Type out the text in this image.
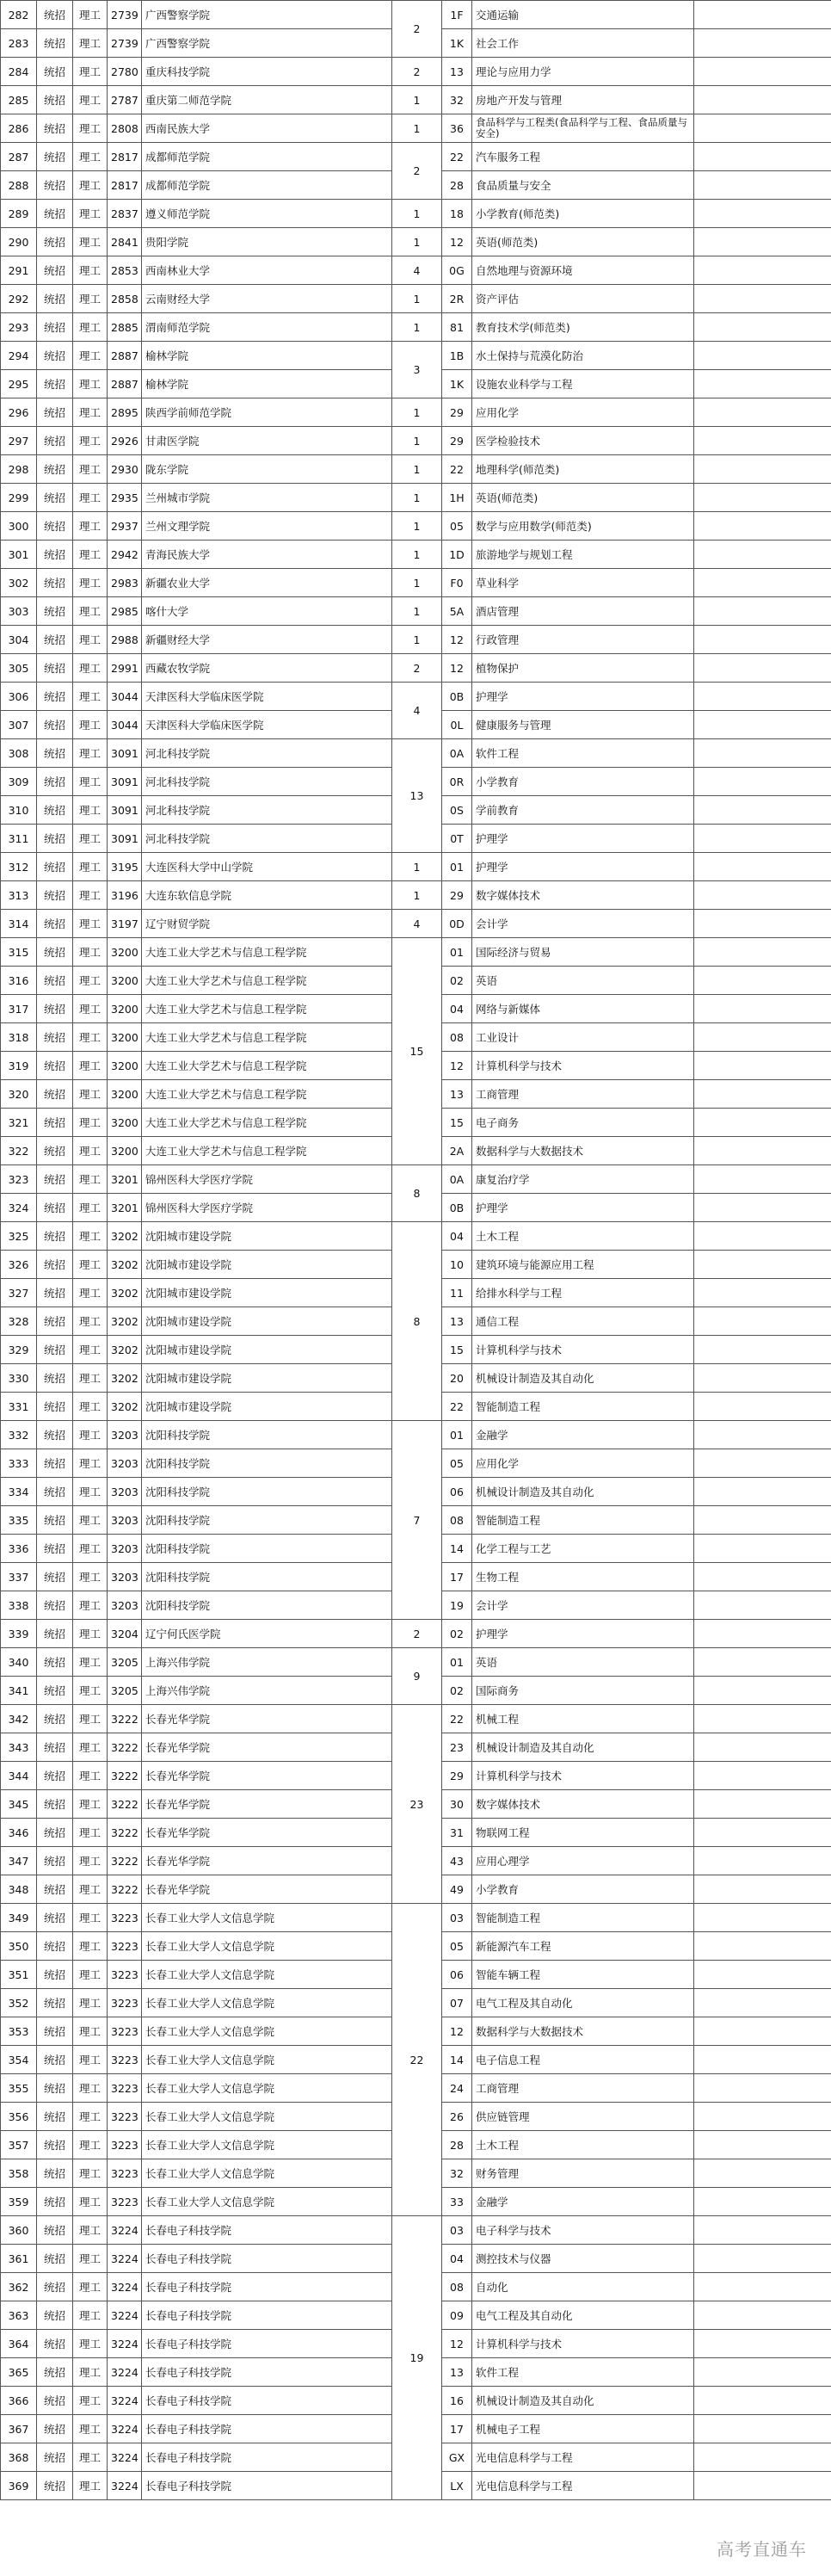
282	统招	理工	2739	广西警察学院	2	1F	交通运输	
283	统招	理工	2739	广西警察学院		1K	社会工作	
284	统招	理工	2780	重庆科技学院	2	13	理论与应用力学	
285	统招	理工	2787	重庆第二师范学院	1	32	房地产开发与管理	
286	统招	理工	2808	西南民族大学	1	36	食品科学与工程类(食品科学与工程、食品质量与安全)	
287	统招	理工	2817	成都师范学院	2	22	汽车服务工程	
288	统招	理工	2817	成都师范学院		28	食品质量与安全	
289	统招	理工	2837	遵义师范学院	1	18	小学教育(师范类)	
290	统招	理工	2841	贵阳学院	1	12	英语(师范类)	
291	统招	理工	2853	西南林业大学	4	0G	自然地理与资源环境	
292	统招	理工	2858	云南财经大学	1	2R	资产评估	
293	统招	理工	2885	渭南师范学院	1	81	教育技术学(师范类)	
294	统招	理工	2887	榆林学院	3	1B	水土保持与荒漠化防治	
295	统招	理工	2887	榆林学院		1K	设施农业科学与工程	
296	统招	理工	2895	陕西学前师范学院	1	29	应用化学	
297	统招	理工	2926	甘肃医学院	1	29	医学检验技术	
298	统招	理工	2930	陇东学院	1	22	地理科学(师范类)	
299	统招	理工	2935	兰州城市学院	1	1H	英语(师范类)	
300	统招	理工	2937	兰州文理学院	1	05	数学与应用数学(师范类)	
301	统招	理工	2942	青海民族大学	1	1D	旅游地学与规划工程	
302	统招	理工	2983	新疆农业大学	1	F0	草业科学	
303	统招	理工	2985	喀什大学	1	5A	酒店管理	
304	统招	理工	2988	新疆财经大学	1	12	行政管理	
305	统招	理工	2991	西藏农牧学院	2	12	植物保护	
306	统招	理工	3044	天津医科大学临床医学院	4	0B	护理学	
307	统招	理工	3044	天津医科大学临床医学院		0L	健康服务与管理	
308	统招	理工	3091	河北科技学院	13	0A	软件工程	
309	统招	理工	3091	河北科技学院		0R	小学教育	
310	统招	理工	3091	河北科技学院		0S	学前教育	
311	统招	理工	3091	河北科技学院		0T	护理学	
312	统招	理工	3195	大连医科大学中山学院	1	01	护理学	
313	统招	理工	3196	大连东软信息学院	1	29	数字媒体技术	
314	统招	理工	3197	辽宁财贸学院	4	0D	会计学	
315	统招	理工	3200	大连工业大学艺术与信息工程学院	15	01	国际经济与贸易	
316	统招	理工	3200	大连工业大学艺术与信息工程学院		02	英语	
317	统招	理工	3200	大连工业大学艺术与信息工程学院		04	网络与新媒体	
318	统招	理工	3200	大连工业大学艺术与信息工程学院		08	工业设计	
319	统招	理工	3200	大连工业大学艺术与信息工程学院		12	计算机科学与技术	
320	统招	理工	3200	大连工业大学艺术与信息工程学院		13	工商管理	
321	统招	理工	3200	大连工业大学艺术与信息工程学院		15	电子商务	
322	统招	理工	3200	大连工业大学艺术与信息工程学院		2A	数据科学与大数据技术	
323	统招	理工	3201	锦州医科大学医疗学院	8	0A	康复治疗学	
324	统招	理工	3201	锦州医科大学医疗学院		0B	护理学	
325	统招	理工	3202	沈阳城市建设学院	8	04	土木工程	
326	统招	理工	3202	沈阳城市建设学院		10	建筑环境与能源应用工程	
327	统招	理工	3202	沈阳城市建设学院		11	给排水科学与工程	
328	统招	理工	3202	沈阳城市建设学院		13	通信工程	
329	统招	理工	3202	沈阳城市建设学院		15	计算机科学与技术	
330	统招	理工	3202	沈阳城市建设学院		20	机械设计制造及其自动化	
331	统招	理工	3202	沈阳城市建设学院		22	智能制造工程	
332	统招	理工	3203	沈阳科技学院	7	01	金融学	
333	统招	理工	3203	沈阳科技学院		05	应用化学	
334	统招	理工	3203	沈阳科技学院		06	机械设计制造及其自动化	
335	统招	理工	3203	沈阳科技学院		08	智能制造工程	
336	统招	理工	3203	沈阳科技学院		14	化学工程与工艺	
337	统招	理工	3203	沈阳科技学院		17	生物工程	
338	统招	理工	3203	沈阳科技学院		19	会计学	
339	统招	理工	3204	辽宁何氏医学院	2	02	护理学	
340	统招	理工	3205	上海兴伟学院	9	01	英语	
341	统招	理工	3205	上海兴伟学院		02	国际商务	
342	统招	理工	3222	长春光华学院	23	22	机械工程	
343	统招	理工	3222	长春光华学院		23	机械设计制造及其自动化	
344	统招	理工	3222	长春光华学院		29	计算机科学与技术	
345	统招	理工	3222	长春光华学院		30	数字媒体技术	
346	统招	理工	3222	长春光华学院		31	物联网工程	
347	统招	理工	3222	长春光华学院		43	应用心理学	
348	统招	理工	3222	长春光华学院		49	小学教育	
349	统招	理工	3223	长春工业大学人文信息学院	22	03	智能制造工程	
350	统招	理工	3223	长春工业大学人文信息学院		05	新能源汽车工程	
351	统招	理工	3223	长春工业大学人文信息学院		06	智能车辆工程	
352	统招	理工	3223	长春工业大学人文信息学院		07	电气工程及其自动化	
353	统招	理工	3223	长春工业大学人文信息学院		12	数据科学与大数据技术	
354	统招	理工	3223	长春工业大学人文信息学院		14	电子信息工程	
355	统招	理工	3223	长春工业大学人文信息学院		24	工商管理	
356	统招	理工	3223	长春工业大学人文信息学院		26	供应链管理	
357	统招	理工	3223	长春工业大学人文信息学院		28	土木工程	
358	统招	理工	3223	长春工业大学人文信息学院		32	财务管理	
359	统招	理工	3223	长春工业大学人文信息学院		33	金融学	
360	统招	理工	3224	长春电子科技学院	19	03	电子科学与技术	
361	统招	理工	3224	长春电子科技学院		04	测控技术与仪器	
362	统招	理工	3224	长春电子科技学院		08	自动化	
363	统招	理工	3224	长春电子科技学院		09	电气工程及其自动化	
364	统招	理工	3224	长春电子科技学院		12	计算机科学与技术	
365	统招	理工	3224	长春电子科技学院		13	软件工程	
366	统招	理工	3224	长春电子科技学院		16	机械设计制造及其自动化	
367	统招	理工	3224	长春电子科技学院		17	机械电子工程	
368	统招	理工	3224	长春电子科技学院		GX	光电信息科学与工程	
369	统招	理工	3224	长春电子科技学院		LX	光电信息科学与工程	
高考直通车
